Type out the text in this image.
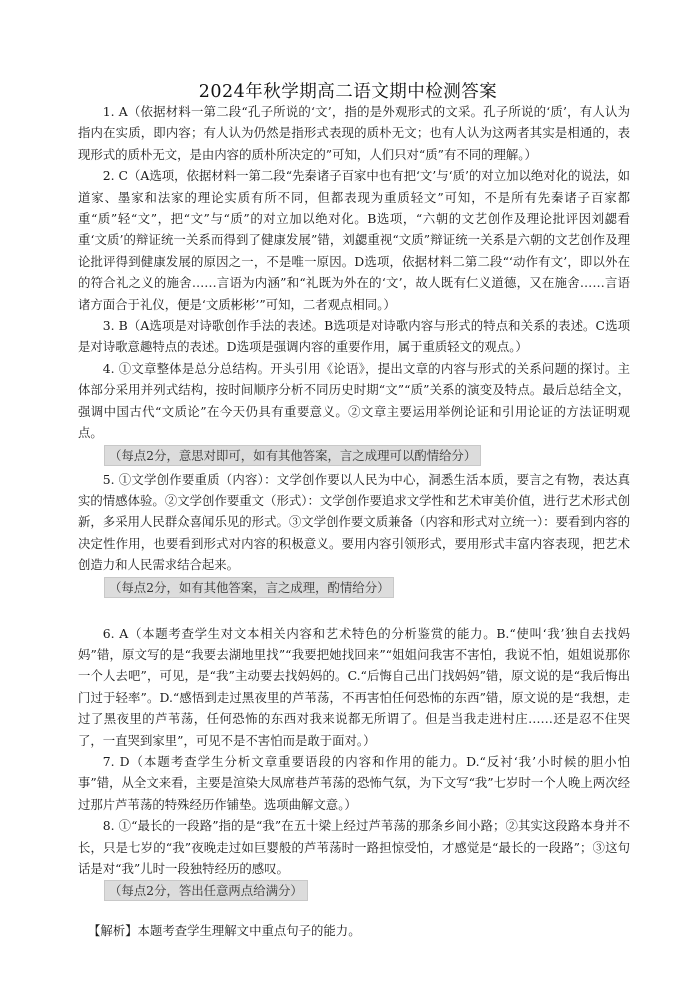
2024年秋学期高二语文期中检测答案

1. A（依据材料一第二段“孔子所说的‘文’，指的是外观形式的文采。孔子所说的‘质’，有人认为指内在实质，即内容；有人认为仍然是指形式表现的质朴无文；也有人认为这两者其实是相通的，表现形式的质朴无文，是由内容的质朴所决定的”可知，人们只对“质”有不同的理解。）

2. C（A选项，依据材料一第二段“先秦诸子百家中也有把‘文’与‘质’的对立加以绝对化的说法，如道家、墨家和法家的理论实质有所不同，但都表现为重质轻文”可知，不是所有先秦诸子百家都重“质”轻“文”，把“文”与“质”的对立加以绝对化。B选项，“六朝的文艺创作及理论批评因刘勰看重‘文质’的辩证统一关系而得到了健康发展”错，刘勰重视“文质”辩证统一关系是六朝的文艺创作及理论批评得到健康发展的原因之一，不是唯一原因。D选项，依据材料二第二段“‘动作有文’，即以外在的符合礼之义的施舍……言语为内涵”和“礼既为外在的‘文’，故人既有仁义道德，又在施舍……言语诸方面合于礼仪，便是‘文质彬彬’”可知，二者观点相同。）

3. B（A选项是对诗歌创作手法的表述。B选项是对诗歌内容与形式的特点和关系的表述。C选项是对诗歌意趣特点的表述。D选项是强调内容的重要作用，属于重质轻文的观点。）

4. ①文章整体是总分总结构。开头引用《论语》，提出文章的内容与形式的关系问题的探讨。主体部分采用并列式结构，按时间顺序分析不同历史时期“文”“质”关系的演变及特点。最后总结全文，强调中国古代“文质论”在今天仍具有重要意义。②文章主要运用举例论证和引用论证的方法证明观点。

（每点2分，意思对即可，如有其他答案，言之成理可以酌情给分）

5. ①文学创作要重质（内容）：文学创作要以人民为中心，洞悉生活本质，要言之有物，表达真实的情感体验。②文学创作要重文（形式）：文学创作要追求文学性和艺术审美价值，进行艺术形式创新，多采用人民群众喜闻乐见的形式。③文学创作要文质兼备（内容和形式对立统一）：要看到内容的决定性作用，也要看到形式对内容的积极意义。要用内容引领形式，要用形式丰富内容表现，把艺术创造力和人民需求结合起来。

（每点2分，如有其他答案，言之成理，酌情给分）

6. A（本题考查学生对文本相关内容和艺术特色的分析鉴赏的能力。B.“使叫‘我’独自去找妈妈”错，原文写的是“我要去湖地里找”“我要把她找回来”“姐姐问我害不害怕，我说不怕，姐姐说那你一个人去吧”，可见，是“我”主动要去找妈妈的。C.“后悔自己出门找妈妈”错，原文说的是“我后悔出门过于轻率”。D.“感悟到走过黑夜里的芦苇荡，不再害怕任何恐怖的东西”错，原文说的是“我想，走过了黑夜里的芦苇荡，任何恐怖的东西对我来说都无所谓了。但是当我走进村庄……还是忍不住哭了，一直哭到家里”，可见不是不害怕而是敢于面对。）

7. D（本题考查学生分析文章重要语段的内容和作用的能力。D.“反衬‘我’小时候的胆小怕事”错，从全文来看，主要是渲染大凤席巷芦苇荡的恐怖气氛，为下文写“我”七岁时一个人晚上两次经过那片芦苇荡的特殊经历作铺垫。选项曲解文意。）

8. ①“最长的一段路”指的是“我”在五十梁上经过芦苇荡的那条乡间小路；②其实这段路本身并不长，只是七岁的“我”夜晚走过如巨婴般的芦苇荡时一路担惊受怕，才感觉是“最长的一段路”；③这句话是对“我”儿时一段独特经历的感叹。

（每点2分，答出任意两点给满分）

【解析】本题考查学生理解文中重点句子的能力。
